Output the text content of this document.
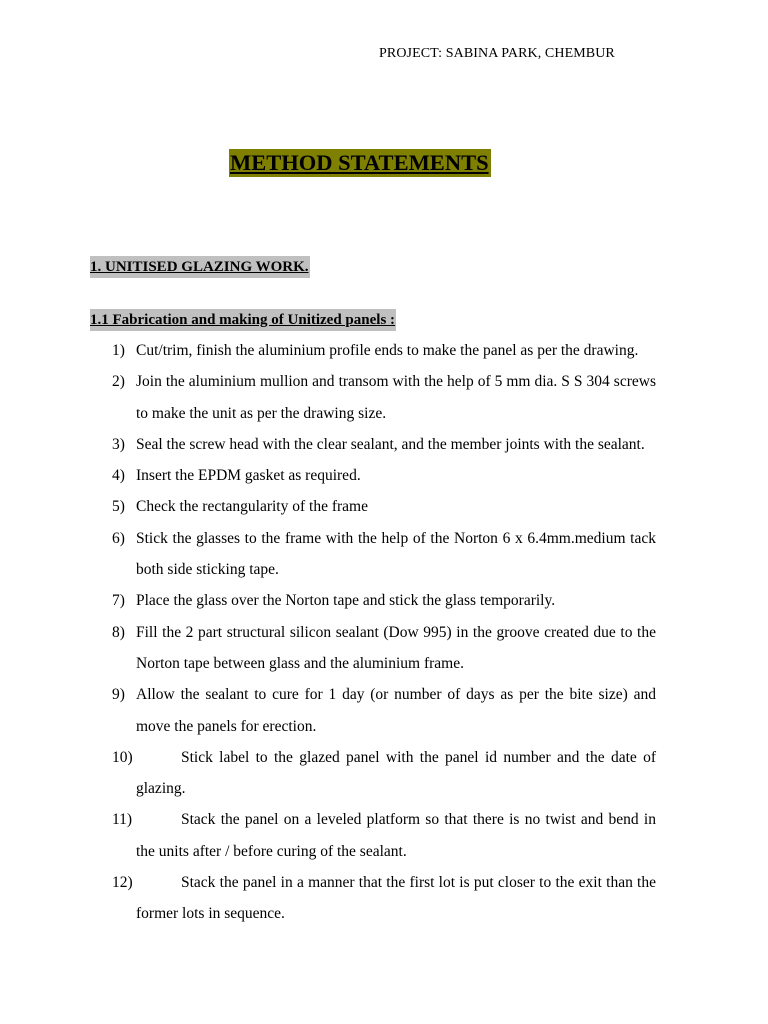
PROJECT: SABINA PARK, CHEMBUR
METHOD STATEMENTS
1. UNITISED GLAZING WORK.
1.1 Fabrication and making of Unitized panels :
1) Cut/trim, finish the aluminium profile ends to make the panel as per the drawing.
2) Join the aluminium mullion and transom with the help of 5 mm dia. S S 304 screws to make the unit as per the drawing size.
3) Seal the screw head with the clear sealant, and the member joints with the sealant.
4) Insert the EPDM gasket as required.
5) Check the rectangularity of the frame
6) Stick the glasses to the frame with the help of the Norton 6 x 6.4mm.medium tack both side sticking tape.
7) Place the glass over the Norton tape and stick the glass temporarily.
8) Fill the 2 part structural silicon sealant (Dow 995) in the groove created due to the Norton tape between glass and the aluminium frame.
9) Allow the sealant to cure for 1 day (or number of days as per the bite size) and move the panels for erection.
10)	Stick label to the glazed panel with the panel id number and the date of glazing.
11)	Stack the panel on a leveled platform so that there is no twist and bend in the units after / before curing of the sealant.
12)	Stack the panel in a manner that the first lot is put closer to the exit than the former lots in sequence.
